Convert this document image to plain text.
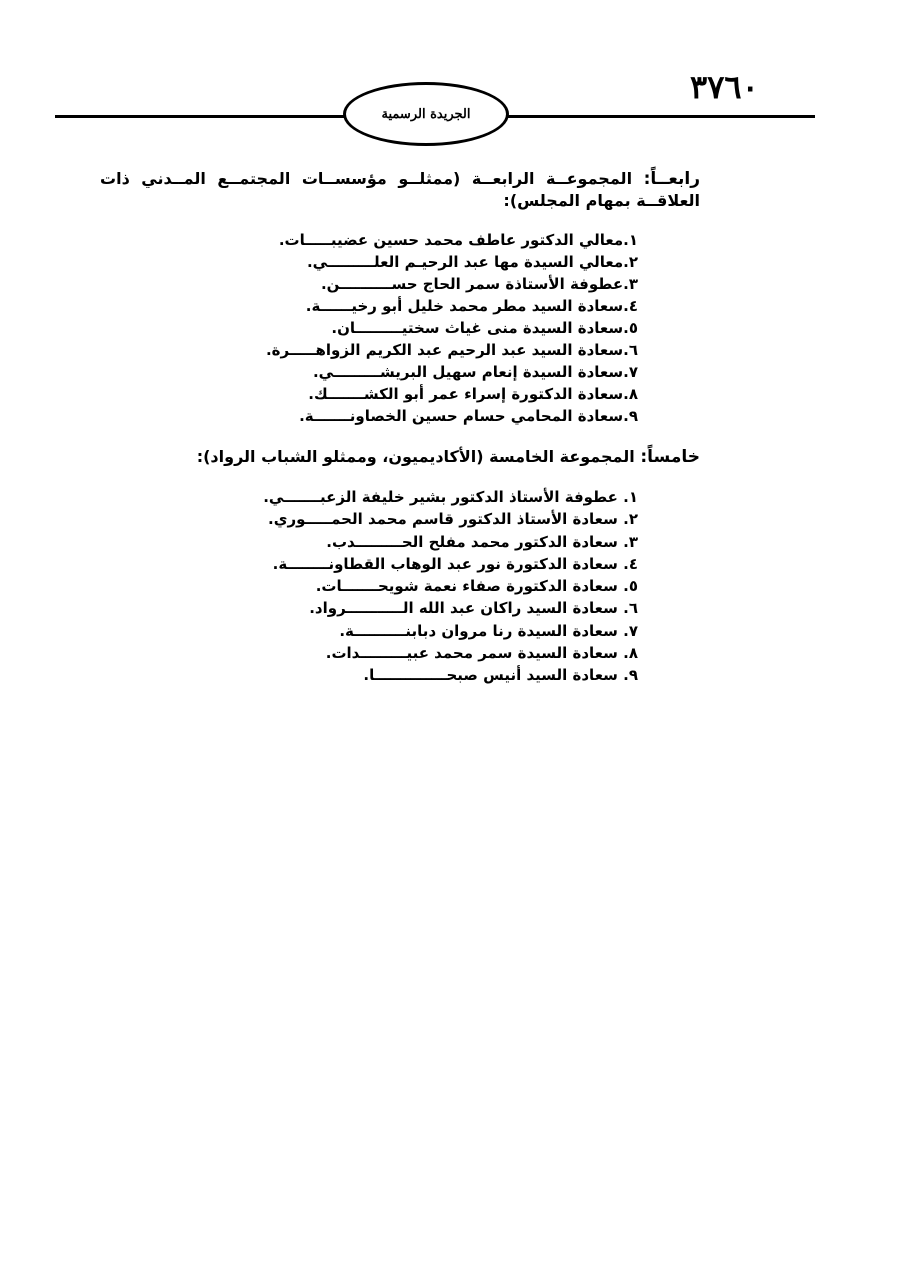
٣٧٦٠
الجريدة الرسمية
رابعــاً: المجموعــة الرابعــة (ممثلــو مؤسســات المجتمــع المــدني ذات العلاقــة بمهام المجلس):
١.معالي الدكتور عاطف محمد حسين عضيبـــــات.
٢.معالي السيدة مها عبد الرحيـم العلـــــــــي.
٣.عطوفة الأستاذة سمر الحاج حســــــــــن.
٤.سعادة السيد مطر محمد خليل أبو رخيــــــة.
٥.سعادة السيدة منى غياث سختيـــــــــان.
٦.سعادة السيد عبد الرحيم عبد الكريم الزواهـــــرة.
٧.سعادة السيدة إنعام سهيل البريشـــــــــي.
٨.سعادة الدكتورة إسراء عمر أبو الكشـــــــك.
٩.سعادة المحامي حسام حسين الخصاونـــــــة.
خامساً: المجموعة الخامسة (الأكاديميون، وممثلو الشباب الرواد):
١. عطوفة الأستاذ الدكتور بشير خليفة الزعبـــــــي.
٢. سعادة الأستاذ الدكتور قاسم محمد الحمـــــوري.
٣. سعادة الدكتور محمد مفلح الحـــــــــدب.
٤. سعادة الدكتورة نور عبد الوهاب القطاونــــــــة.
٥. سعادة الدكتورة صفاء نعمة شويحـــــــات.
٦. سعادة السيد راكان عبد الله الـــــــــــرواد.
٧. سعادة السيدة رنا مروان دبابنــــــــــة.
٨. سعادة السيدة سمر محمد عبيـــــــــدات.
٩. سعادة السيد أنيس صبحــــــــــــــا.
